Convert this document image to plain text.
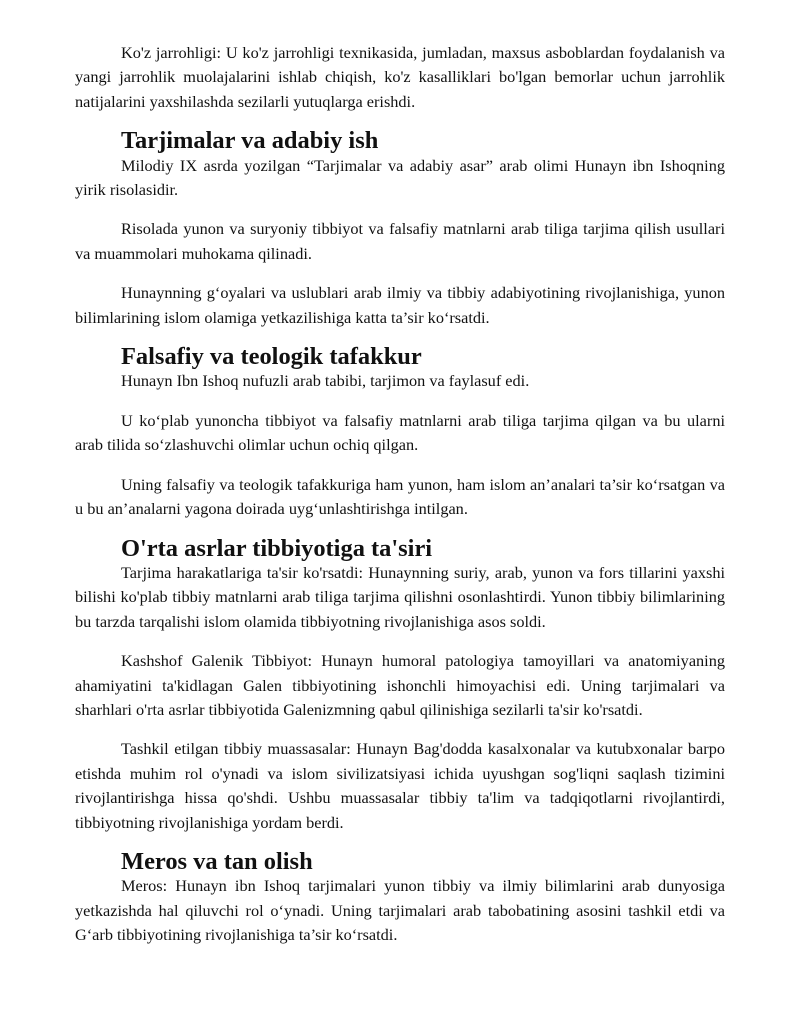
Ko'z jarrohligi: U ko'z jarrohligi texnikasida, jumladan, maxsus asboblardan foydalanish va yangi jarrohlik muolajalarini ishlab chiqish, ko'z kasalliklari bo'lgan bemorlar uchun jarrohlik natijalarini yaxshilashda sezilarli yutuqlarga erishdi.

Tarjimalar va adabiy ish

Milodiy IX asrda yozilgan “Tarjimalar va adabiy asar” arab olimi Hunayn ibn Ishoqning yirik risolasidir.

Risolada yunon va suryoniy tibbiyot va falsafiy matnlarni arab tiliga tarjima qilish usullari va muammolari muhokama qilinadi.

Hunaynning g‘oyalari va uslublari arab ilmiy va tibbiy adabiyotining rivojlanishiga, yunon bilimlarining islom olamiga yetkazilishiga katta ta’sir ko‘rsatdi.

Falsafiy va teologik tafakkur

Hunayn Ibn Ishoq nufuzli arab tabibi, tarjimon va faylasuf edi.

U ko‘plab yunoncha tibbiyot va falsafiy matnlarni arab tiliga tarjima qilgan va bu ularni arab tilida so‘zlashuvchi olimlar uchun ochiq qilgan.

Uning falsafiy va teologik tafakkuriga ham yunon, ham islom an’analari ta’sir ko‘rsatgan va u bu an’analarni yagona doirada uyg‘unlashtirishga intilgan.

O'rta asrlar tibbiyotiga ta'siri

Tarjima harakatlariga ta'sir ko'rsatdi: Hunaynning suriy, arab, yunon va fors tillarini yaxshi bilishi ko'plab tibbiy matnlarni arab tiliga tarjima qilishni osonlashtirdi. Yunon tibbiy bilimlarining bu tarzda tarqalishi islom olamida tibbiyotning rivojlanishiga asos soldi.

Kashshof Galenik Tibbiyot: Hunayn humoral patologiya tamoyillari va anatomiyaning ahamiyatini ta'kidlagan Galen tibbiyotining ishonchli himoyachisi edi. Uning tarjimalari va sharhlari o'rta asrlar tibbiyotida Galenizmning qabul qilinishiga sezilarli ta'sir ko'rsatdi.

Tashkil etilgan tibbiy muassasalar: Hunayn Bag'dodda kasalxonalar va kutubxonalar barpo etishda muhim rol o'ynadi va islom sivilizatsiyasi ichida uyushgan sog'liqni saqlash tizimini rivojlantirishga hissa qo'shdi. Ushbu muassasalar tibbiy ta'lim va tadqiqotlarni rivojlantirdi, tibbiyotning rivojlanishiga yordam berdi.

Meros va tan olish

Meros: Hunayn ibn Ishoq tarjimalari yunon tibbiy va ilmiy bilimlarini arab dunyosiga yetkazishda hal qiluvchi rol o‘ynadi. Uning tarjimalari arab tabobatining asosini tashkil etdi va G‘arb tibbiyotining rivojlanishiga ta’sir ko‘rsatdi.
